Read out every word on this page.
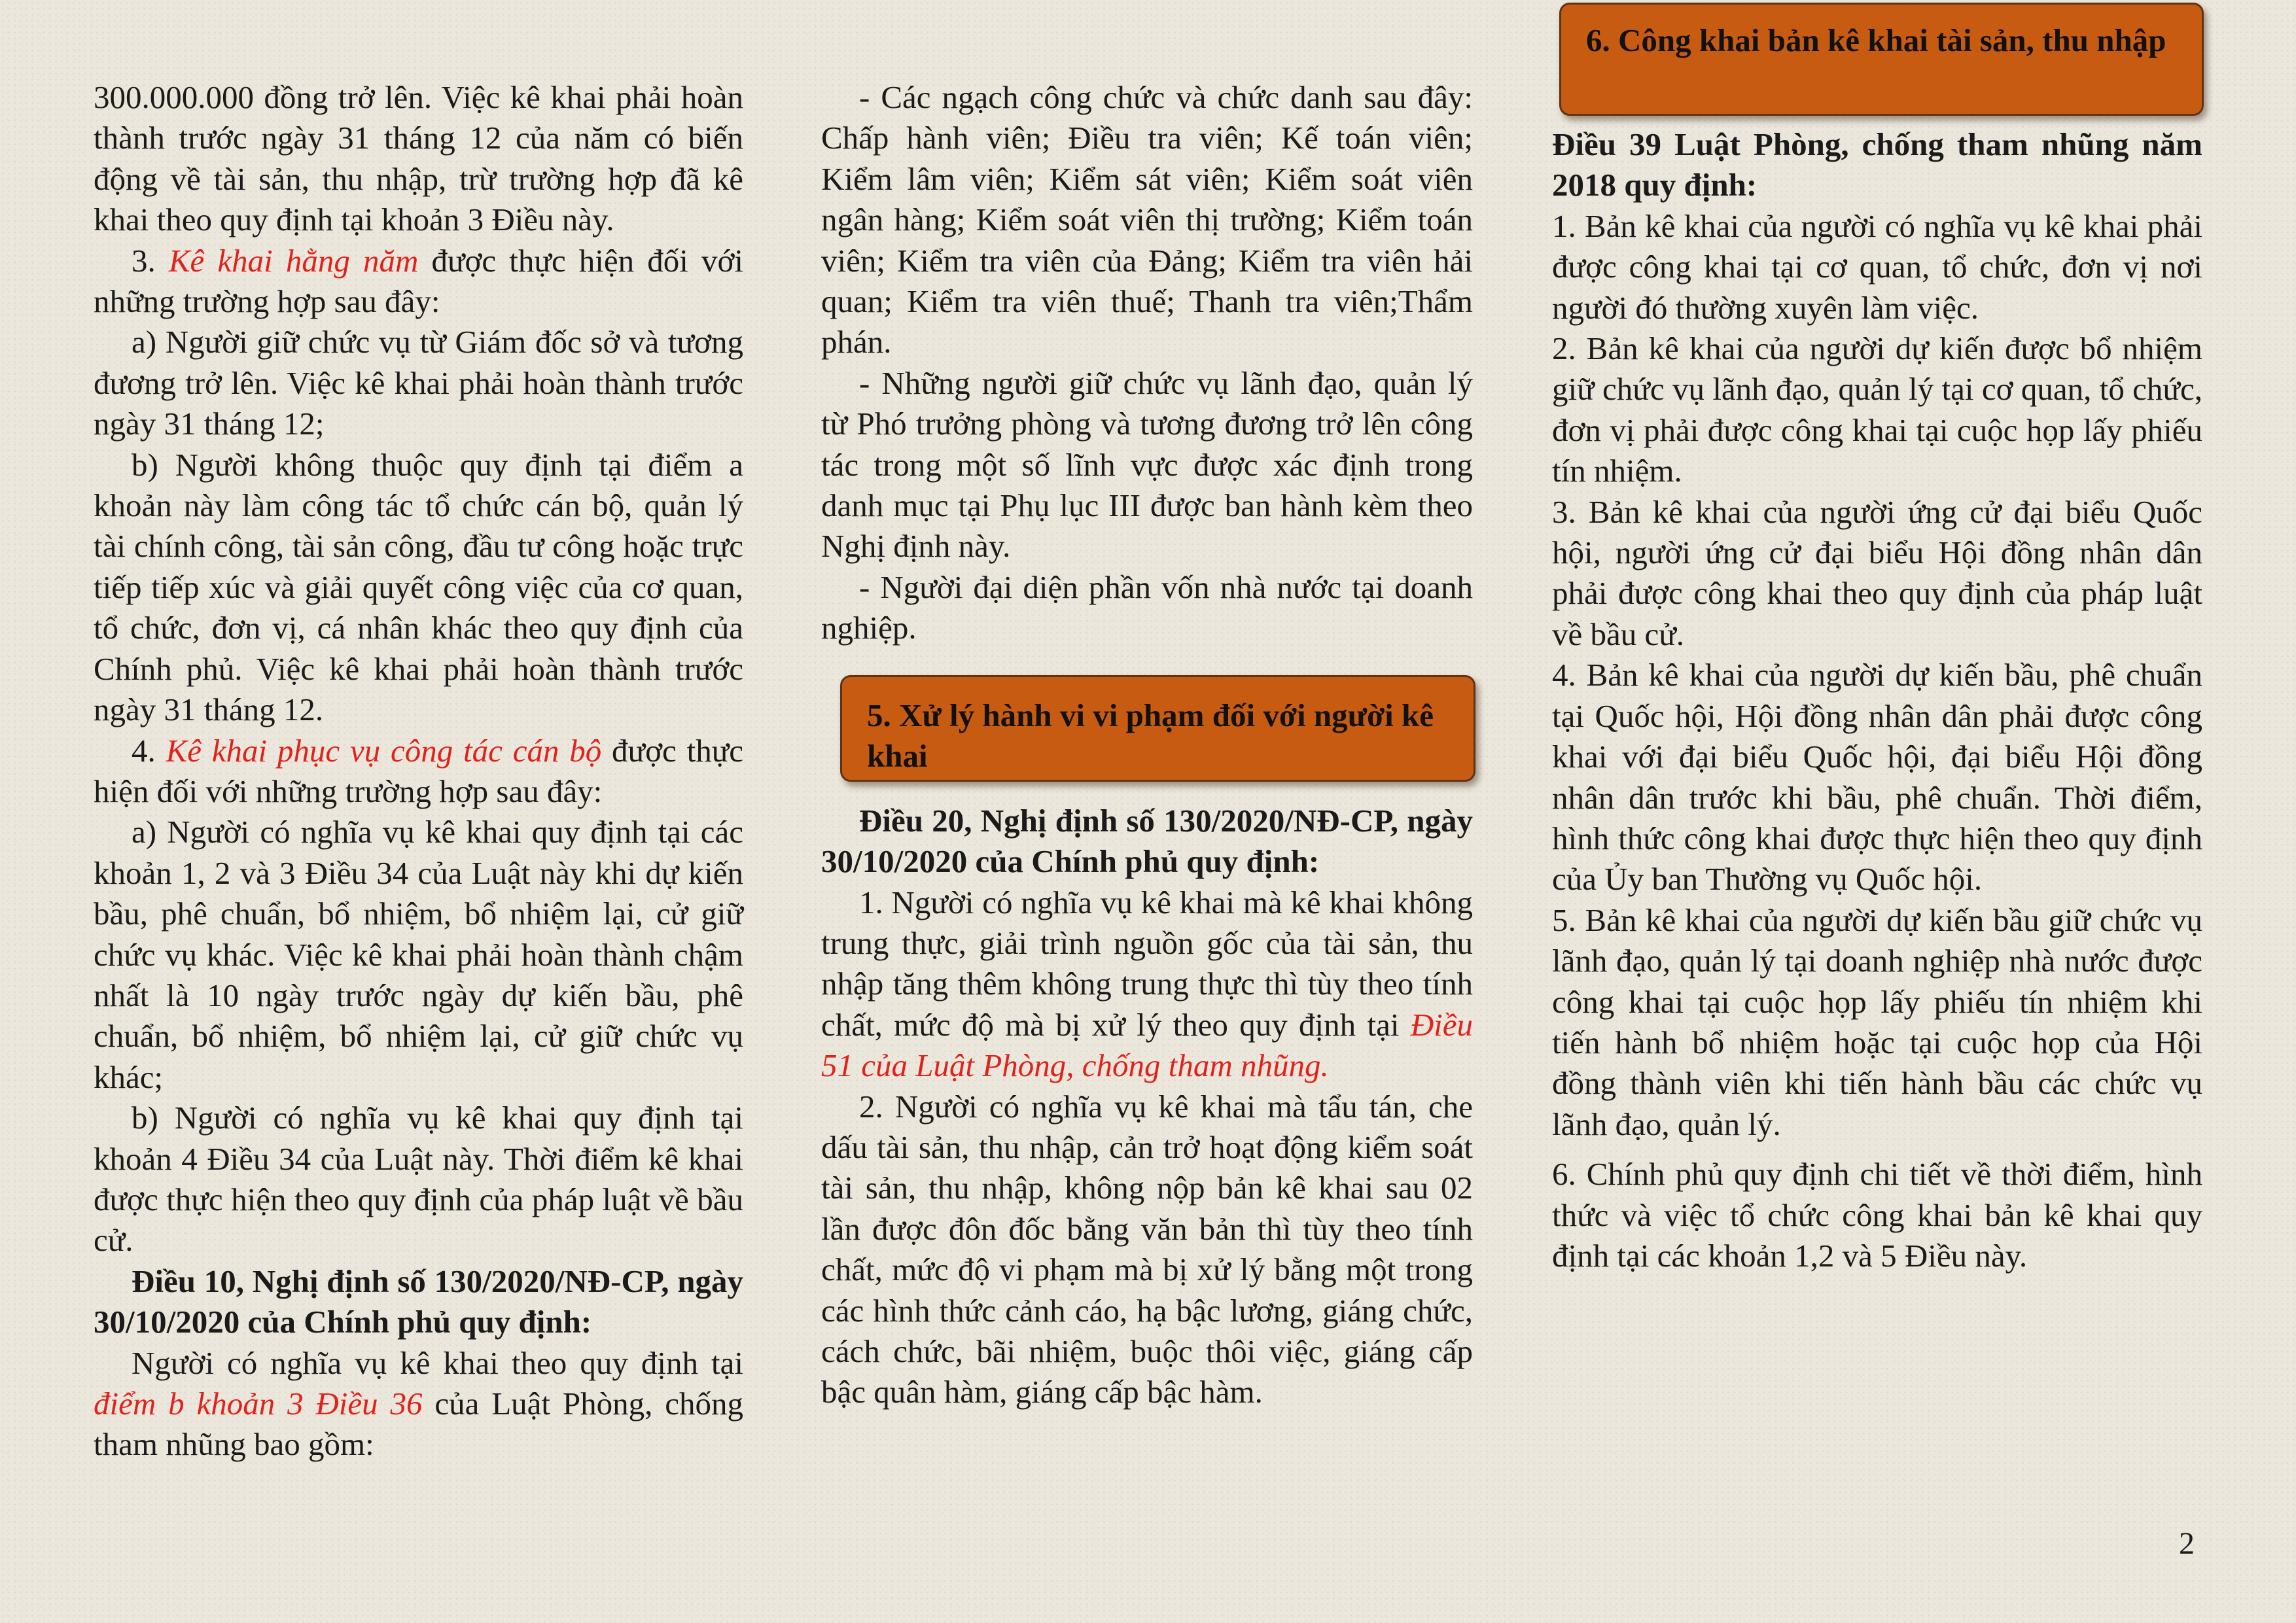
300.000.000 đồng trở lên. Việc kê khai phải hoàn thành trước ngày 31 tháng 12 của năm có biến động về tài sản, thu nhập, trừ trường hợp đã kê khai theo quy định tại khoản 3 Điều này.

3. Kê khai hằng năm được thực hiện đối với những trường hợp sau đây:

a) Người giữ chức vụ từ Giám đốc sở và tương đương trở lên. Việc kê khai phải hoàn thành trước ngày 31 tháng 12;

b) Người không thuộc quy định tại điểm a khoản này làm công tác tổ chức cán bộ, quản lý tài chính công, tài sản công, đầu tư công hoặc trực tiếp tiếp xúc và giải quyết công việc của cơ quan, tổ chức, đơn vị, cá nhân khác theo quy định của Chính phủ. Việc kê khai phải hoàn thành trước ngày 31 tháng 12.

4. Kê khai phục vụ công tác cán bộ được thực hiện đối với những trường hợp sau đây:

a) Người có nghĩa vụ kê khai quy định tại các khoản 1, 2 và 3 Điều 34 của Luật này khi dự kiến bầu, phê chuẩn, bổ nhiệm, bổ nhiệm lại, cử giữ chức vụ khác. Việc kê khai phải hoàn thành chậm nhất là 10 ngày trước ngày dự kiến bầu, phê chuẩn, bổ nhiệm, bổ nhiệm lại, cử giữ chức vụ khác;

b) Người có nghĩa vụ kê khai quy định tại khoản 4 Điều 34 của Luật này. Thời điểm kê khai được thực hiện theo quy định của pháp luật về bầu cử.

Điều 10, Nghị định số 130/2020/NĐ-CP, ngày 30/10/2020 của Chính phủ quy định:

Người có nghĩa vụ kê khai theo quy định tại điểm b khoản 3 Điều 36 của Luật Phòng, chống tham nhũng bao gồm:

- Các ngạch công chức và chức danh sau đây: Chấp hành viên; Điều tra viên; Kế toán viên; Kiểm lâm viên; Kiểm sát viên; Kiểm soát viên ngân hàng; Kiểm soát viên thị trường; Kiểm toán viên; Kiểm tra viên của Đảng; Kiểm tra viên hải quan; Kiểm tra viên thuế; Thanh tra viên;Thẩm phán.

- Những người giữ chức vụ lãnh đạo, quản lý từ Phó trưởng phòng và tương đương trở lên công tác trong một số lĩnh vực được xác định trong danh mục tại Phụ lục III được ban hành kèm theo Nghị định này.

- Người đại diện phần vốn nhà nước tại doanh nghiệp.

Điều 20, Nghị định số 130/2020/NĐ-CP, ngày 30/10/2020 của Chính phủ quy định:

1. Người có nghĩa vụ kê khai mà kê khai không trung thực, giải trình nguồn gốc của tài sản, thu nhập tăng thêm không trung thực thì tùy theo tính chất, mức độ mà bị xử lý theo quy định tại Điều 51 của Luật Phòng, chống tham nhũng.

2. Người có nghĩa vụ kê khai mà tẩu tán, che dấu tài sản, thu nhập, cản trở hoạt động kiểm soát tài sản, thu nhập, không nộp bản kê khai sau 02 lần được đôn đốc bằng văn bản thì tùy theo tính chất, mức độ vi phạm mà bị xử lý bằng một trong các hình thức cảnh cáo, hạ bậc lương, giáng chức, cách chức, bãi nhiệm, buộc thôi việc, giáng cấp bậc quân hàm, giáng cấp bậc hàm.

5. Xử lý hành vi vi phạm đối với người kê khai
6. Công khai bản kê khai tài sản, thu nhập

Điều 39 Luật Phòng, chống tham nhũng năm 2018 quy định:

1. Bản kê khai của người có nghĩa vụ kê khai phải được công khai tại cơ quan, tổ chức, đơn vị nơi người đó thường xuyên làm việc.

2. Bản kê khai của người dự kiến được bổ nhiệm giữ chức vụ lãnh đạo, quản lý tại cơ quan, tổ chức, đơn vị phải được công khai tại cuộc họp lấy phiếu tín nhiệm.

3. Bản kê khai của người ứng cử đại biểu Quốc hội, người ứng cử đại biểu Hội đồng nhân dân phải được công khai theo quy định của pháp luật về bầu cử.

4. Bản kê khai của người dự kiến bầu, phê chuẩn tại Quốc hội, Hội đồng nhân dân phải được công khai với đại biểu Quốc hội, đại biểu Hội đồng nhân dân trước khi bầu, phê chuẩn. Thời điểm, hình thức công khai được thực hiện theo quy định của Ủy ban Thường vụ Quốc hội.

5. Bản kê khai của người dự kiến bầu giữ chức vụ lãnh đạo, quản lý tại doanh nghiệp nhà nước được công khai tại cuộc họp lấy phiếu tín nhiệm khi tiến hành bổ nhiệm hoặc tại cuộc họp của Hội đồng thành viên khi tiến hành bầu các chức vụ lãnh đạo, quản lý.

6. Chính phủ quy định chi tiết về thời điểm, hình thức và việc tổ chức công khai bản kê khai quy định tại các khoản 1,2 và 5 Điều này.

2
